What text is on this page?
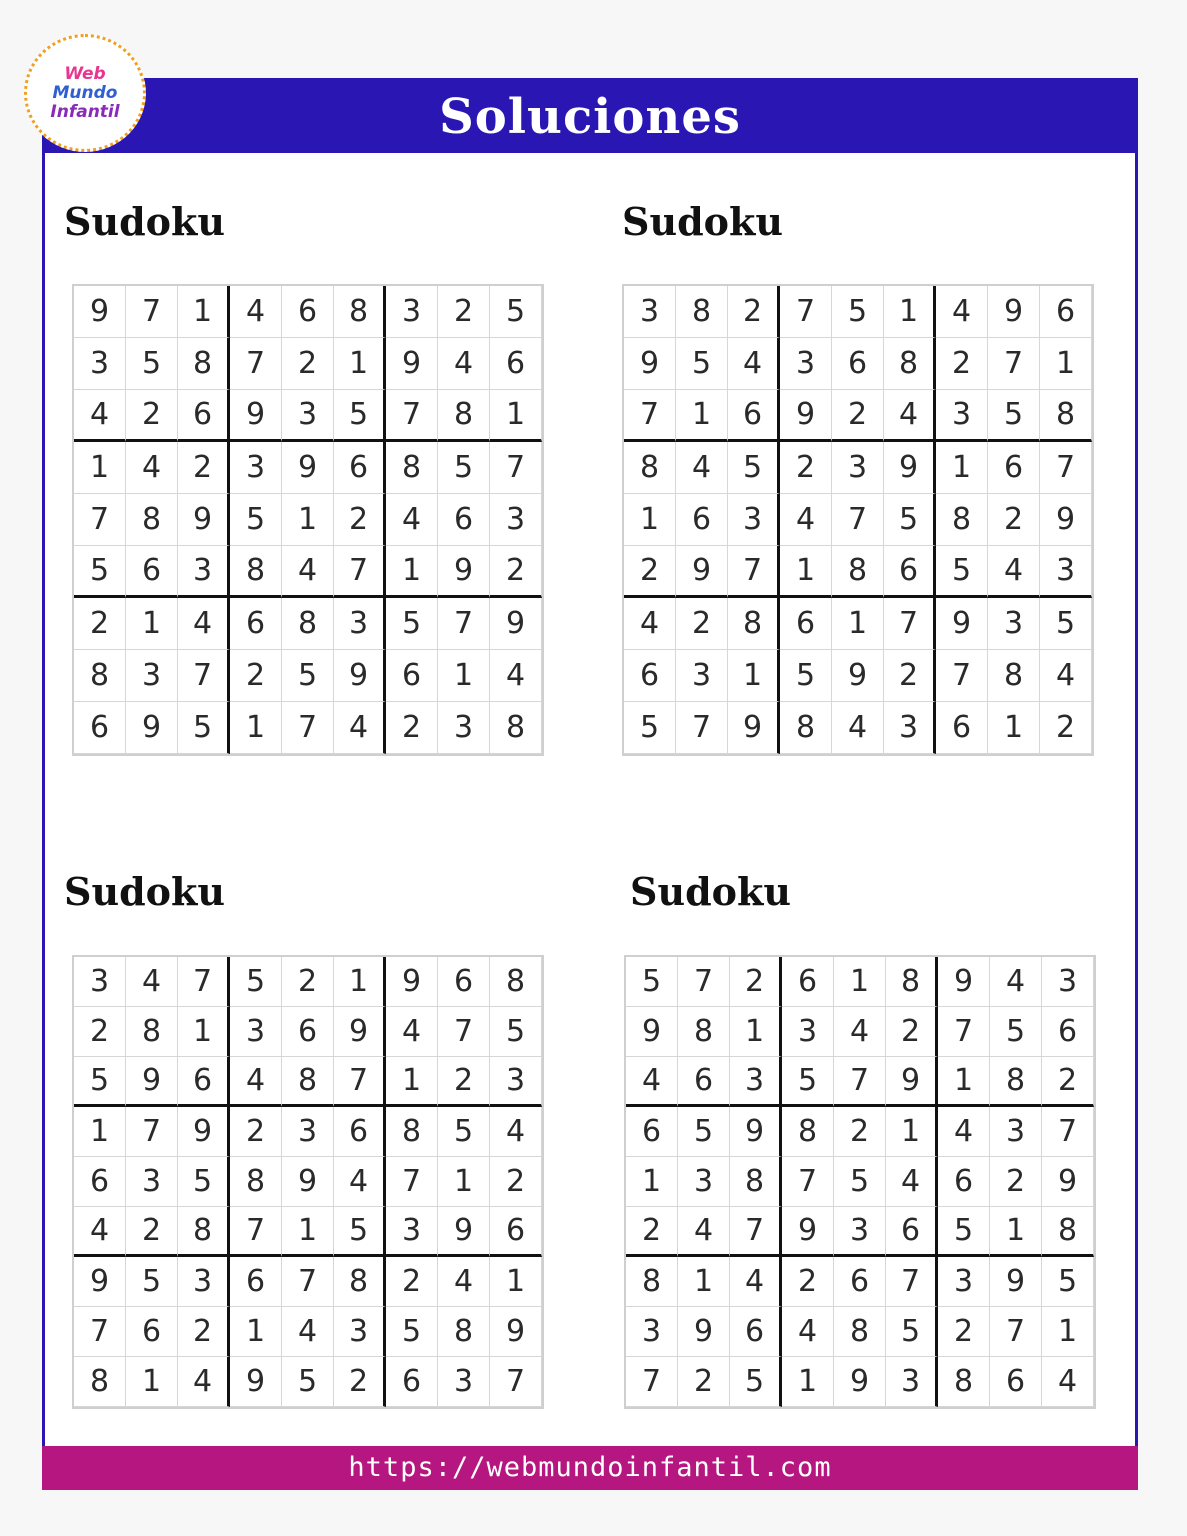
Web
Mundo
Infantil	Soluciones
Sudoku
9	7	1	4	6	8	3	2	5
3	5	8	7	2	1	9	4	6
4	2	6	9	3	5	7	8	1
1	4	2	3	9	6	8	5	7
7	8	9	5	1	2	4	6	3
5	6	3	8	4	7	1	9	2
2	1	4	6	8	3	5	7	9
8	3	7	2	5	9	6	1	4
6	9	5	1	7	4	2	3	8
Sudoku
3	8	2	7	5	1	4	9	6
9	5	4	3	6	8	2	7	1
7	1	6	9	2	4	3	5	8
8	4	5	2	3	9	1	6	7
1	6	3	4	7	5	8	2	9
2	9	7	1	8	6	5	4	3
4	2	8	6	1	7	9	3	5
6	3	1	5	9	2	7	8	4
5	7	9	8	4	3	6	1	2
Sudoku
3	4	7	5	2	1	9	6	8
2	8	1	3	6	9	4	7	5
5	9	6	4	8	7	1	2	3
1	7	9	2	3	6	8	5	4
6	3	5	8	9	4	7	1	2
4	2	8	7	1	5	3	9	6
9	5	3	6	7	8	2	4	1
7	6	2	1	4	3	5	8	9
8	1	4	9	5	2	6	3	7
Sudoku
5	7	2	6	1	8	9	4	3
9	8	1	3	4	2	7	5	6
4	6	3	5	7	9	1	8	2
6	5	9	8	2	1	4	3	7
1	3	8	7	5	4	6	2	9
2	4	7	9	3	6	5	1	8
8	1	4	2	6	7	3	9	5
3	9	6	4	8	5	2	7	1
7	2	5	1	9	3	8	6	4
https://webmundoinfantil.com
